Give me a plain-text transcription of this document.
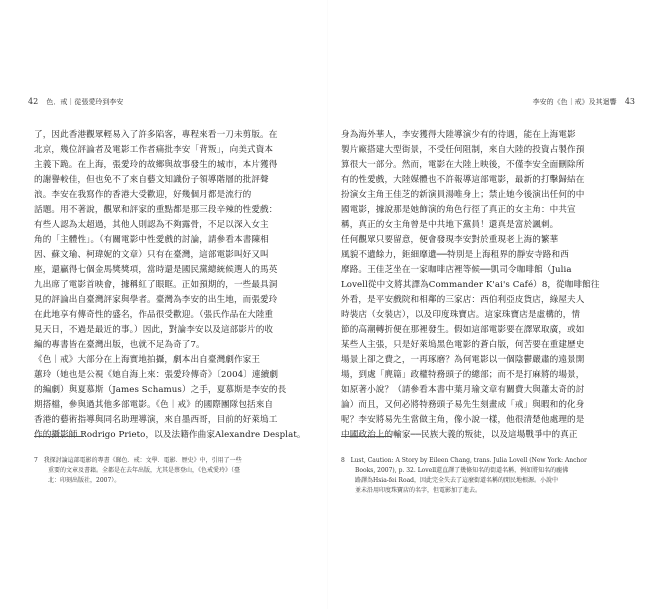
42 色．戒｜從張愛玲到李安
了，因此香港觀眾輕易入了許多陷客，專程來看一刀未剪版。在
北京，幾位評論者及電影工作者痛批李安「背叛」，向美式資本
主義下跪。在上海，張愛玲的故鄉與故事發生的城市，本片獲得
的謝譽較佳，但也免不了來自藝文知識份子領導階層的批評聲
浪。李安在我寫作的香港大受歡迎，好幾個月都是流行的
話題。用不著說，觀眾和評家的重點都是那三段辛辣的性愛戲：
有些人認為太超過，其他人則認為不夠露骨，不足以深入女主
角的「主體性」。（有關電影中性愛戲的討論，請參看本書陳相
因、蘇文瑜、柯瑋妮的文章）只有在臺灣，這部電影叫好又叫
座，還贏得七個金馬獎獎項，當時還是國民黨總統候選人的馬英
九出席了電影首映會，據稱紅了眼眶。正如預期的，一些最具洞
見的評論出自臺灣評家與學者。臺灣為李安的出生地，而張愛玲
在此地享有傳奇性的盛名，作品很受歡迎。（張氏作品在大陸重
見天日，不過是最近的事。）因此，對論李安以及這部影片的收
編的專書皆在臺灣出版，也就不足為奇了7。
《色｜戒》大部分在上海實地拍攝，劇本出自臺灣劇作家王
蕙玲（她也是公視《她自海上來：張愛玲傳奇》〔2004〕連續劇
的編劇）與夏慕斯（James Schamus）之手，夏慕斯是李安的長
期搭檔，參與過其他多部電影。《色｜戒》的國際團隊包括來自
香港的藝術指導與同名助理導演，來自墨西哥，目前的好萊塢工
作的攝影師 Rodrigo Prieto，以及法籍作曲家Alexandre Desplat。
7 我探討論這部電影的專書《睇色．戒：文學．電影．歷史》中，引用了一些
重要的文章及書籍。全都是在去年出版，尤其是蔡登山，《色戒愛玲》（臺
北：印刻出版社，2007）。
李安的《色｜戒》及其迴響 43
身為海外華人，李安獲得大陸導演少有的待遇，能在上海電影
製片廠搭建大型街景，不受任何阻制，來自大陸的投資占製作預
算很大一部分。然而，電影在大陸上映後，不僅李安全面刪除所
有的性愛戲，大陸媒體也不許報導這部電影，最新的打擊歸結在
扮演女主角王佳芝的新演員湯唯身上；禁止她今後演出任何的中
國電影，據說那是她飾演的角色行徑了真正的女主角：中共宣
稱，真正的女主角曾是中共地下黨員！還真是富於諷刺。
任何觀眾只要留意，便會發現李安對於重現老上海的繁華
風貌不遺餘力，鉅細靡遺──特別是上海租界的靜安寺路和西
摩路。王佳芝坐在一家咖啡店裡等候──凱司令咖啡館（Julia
Lovell從中文將其譯為Commander K'ai's Café）8，從咖啡館往
外看，是平安戲院和相鄰的三家店：西伯利亞皮貨店，綠屋夫人
時裝店（女裝店），以及印度珠寶店。這家珠寶店是虛構的，情
節的高潮轉折便在那裡發生。假如這部電影要在譯眾取廣，或如
某些人主張，只是好萊塢黑色電影的蒼白版，何苦要在重建歷史
場景上卻之費之，一再琢磨？為何電影以一個陰鬱嚴肅的遠景開
場，到處「麂篇」政權特務頭子的總部；而不是打麻將的場景，
如原著小說？（請參看本書中葉月瑜文章有關費大與蕭太奇的討
論）而且，又何必將特務頭子易先生刻畫成「戒」與暇和的化身
呢？李安將易先生當做主角，像小說一樣，他很清楚他處理的是
中國政治上的輸家──民族大義的叛徒，以及這場戰爭中的真正
8 Lust, Caution: A Story by Eileen Chang, trans. Julia Lovell (New York: Anchor
Books, 2007), p. 32. Lovell還直譯了幾條知名的街道名稱，例如將知名的龐佛
路譯為Hsia-fei Road，因此完全失去了這麼街道名稱的閒民地根源。小說中
並未沿用印度珠寶店的名字，但電影加了進去。
